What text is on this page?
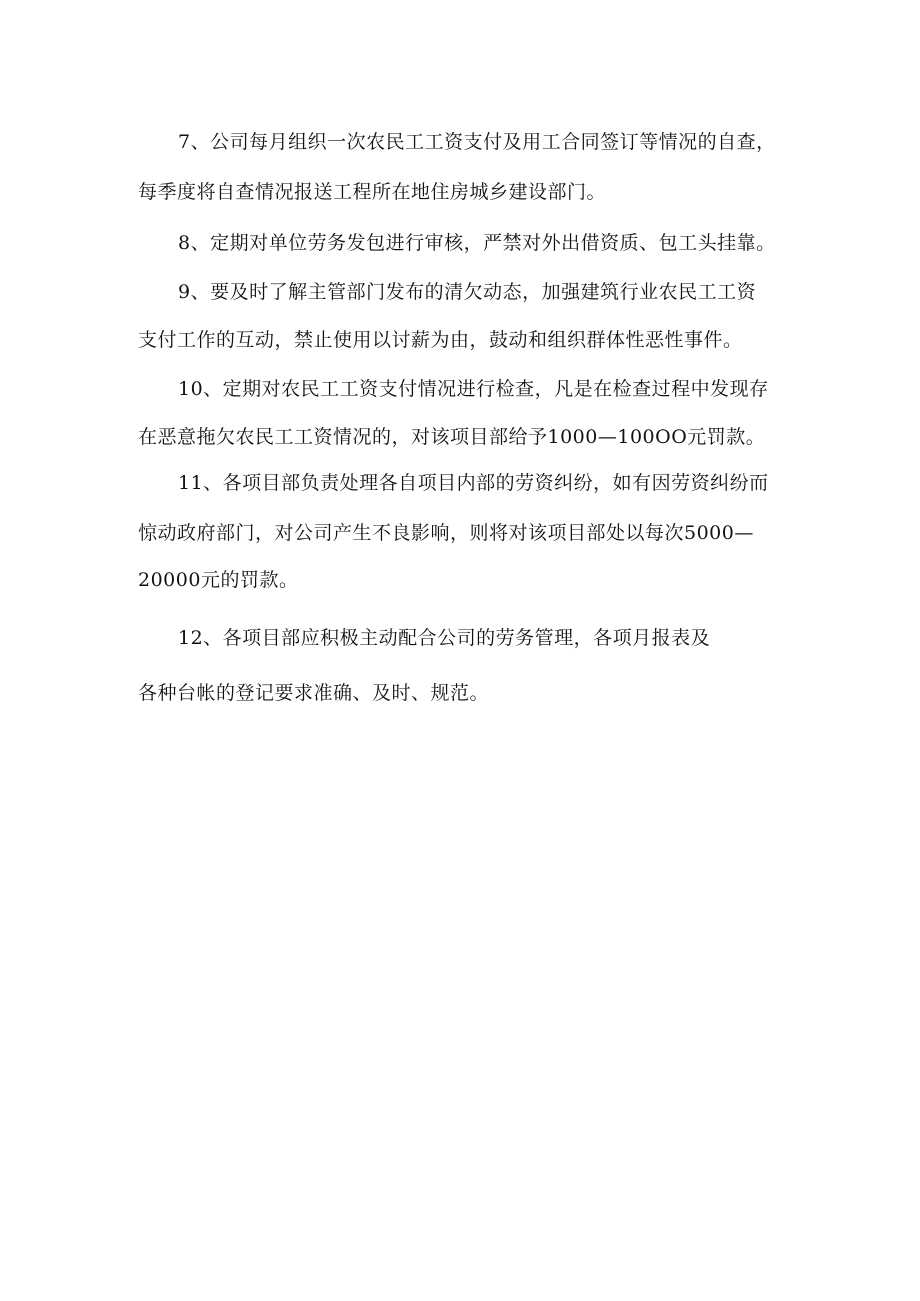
7、公司每月组织一次农民工工资支付及用工合同签订等情况的自查，
每季度将自查情况报送工程所在地住房城乡建设部门。
8、定期对单位劳务发包进行审核，严禁对外出借资质、包工头挂靠。
9、要及时了解主管部门发布的清欠动态，加强建筑行业农民工工资
支付工作的互动，禁止使用以讨薪为由，鼓动和组织群体性恶性事件。
10、定期对农民工工资支付情况进行检查，凡是在检查过程中发现存
在恶意拖欠农民工工资情况的，对该项目部给予1000—100OO元罚款。
11、各项目部负责处理各自项目内部的劳资纠纷，如有因劳资纠纷而
惊动政府部门，对公司产生不良影响，则将对该项目部处以每次5000—
20000元的罚款。
12、各项目部应积极主动配合公司的劳务管理，各项月报表及
各种台帐的登记要求准确、及时、规范。
